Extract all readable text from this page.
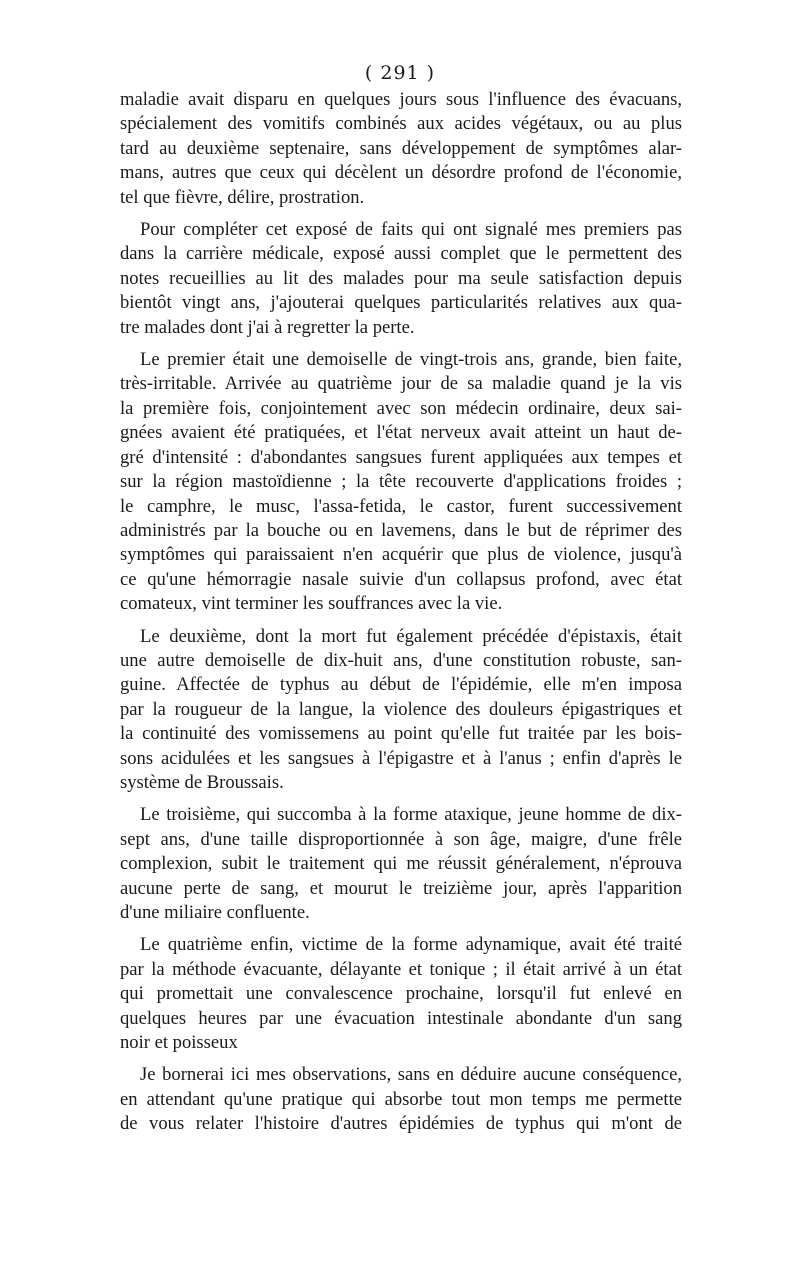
( 291 )
maladie avait disparu en quelques jours sous l'influence des évacuans,
spécialement des vomitifs combinés aux acides végétaux, ou au plus
tard au deuxième septenaire, sans développement de symptômes alar-
mans, autres que ceux qui décèlent un désordre profond de l'économie,
tel que fièvre, délire, prostration.
Pour compléter cet exposé de faits qui ont signalé mes premiers pas
dans la carrière médicale, exposé aussi complet que le permettent des
notes recueillies au lit des malades pour ma seule satisfaction depuis
bientôt vingt ans, j'ajouterai quelques particularités relatives aux qua-
tre malades dont j'ai à regretter la perte.
Le premier était une demoiselle de vingt-trois ans, grande, bien faite,
très-irritable. Arrivée au quatrième jour de sa maladie quand je la vis
la première fois, conjointement avec son médecin ordinaire, deux sai-
gnées avaient été pratiquées, et l'état nerveux avait atteint un haut de-
gré d'intensité : d'abondantes sangsues furent appliquées aux tempes et
sur la région mastoïdienne ; la tête recouverte d'applications froides ;
le camphre, le musc, l'assa-fetida, le castor, furent successivement
administrés par la bouche ou en lavemens, dans le but de réprimer des
symptômes qui paraissaient n'en acquérir que plus de violence, jusqu'à
ce qu'une hémorragie nasale suivie d'un collapsus profond, avec état
comateux, vint terminer les souffrances avec la vie.
Le deuxième, dont la mort fut également précédée d'épistaxis, était
une autre demoiselle de dix-huit ans, d'une constitution robuste, san-
guine. Affectée de typhus au début de l'épidémie, elle m'en imposa
par la rougueur de la langue, la violence des douleurs épigastriques et
la continuité des vomissemens au point qu'elle fut traitée par les bois-
sons acidulées et les sangsues à l'épigastre et à l'anus ; enfin d'après le
système de Broussais.
Le troisième, qui succomba à la forme ataxique, jeune homme de dix-
sept ans, d'une taille disproportionnée à son âge, maigre, d'une frêle
complexion, subit le traitement qui me réussit généralement, n'éprouva
aucune perte de sang, et mourut le treizième jour, après l'apparition
d'une miliaire confluente.
Le quatrième enfin, victime de la forme adynamique, avait été traité
par la méthode évacuante, délayante et tonique ; il était arrivé à un état
qui promettait une convalescence prochaine, lorsqu'il fut enlevé en
quelques heures par une évacuation intestinale abondante d'un sang
noir et poisseux
Je bornerai ici mes observations, sans en déduire aucune conséquence,
en attendant qu'une pratique qui absorbe tout mon temps me permette
de vous relater l'histoire d'autres épidémies de typhus qui m'ont de
